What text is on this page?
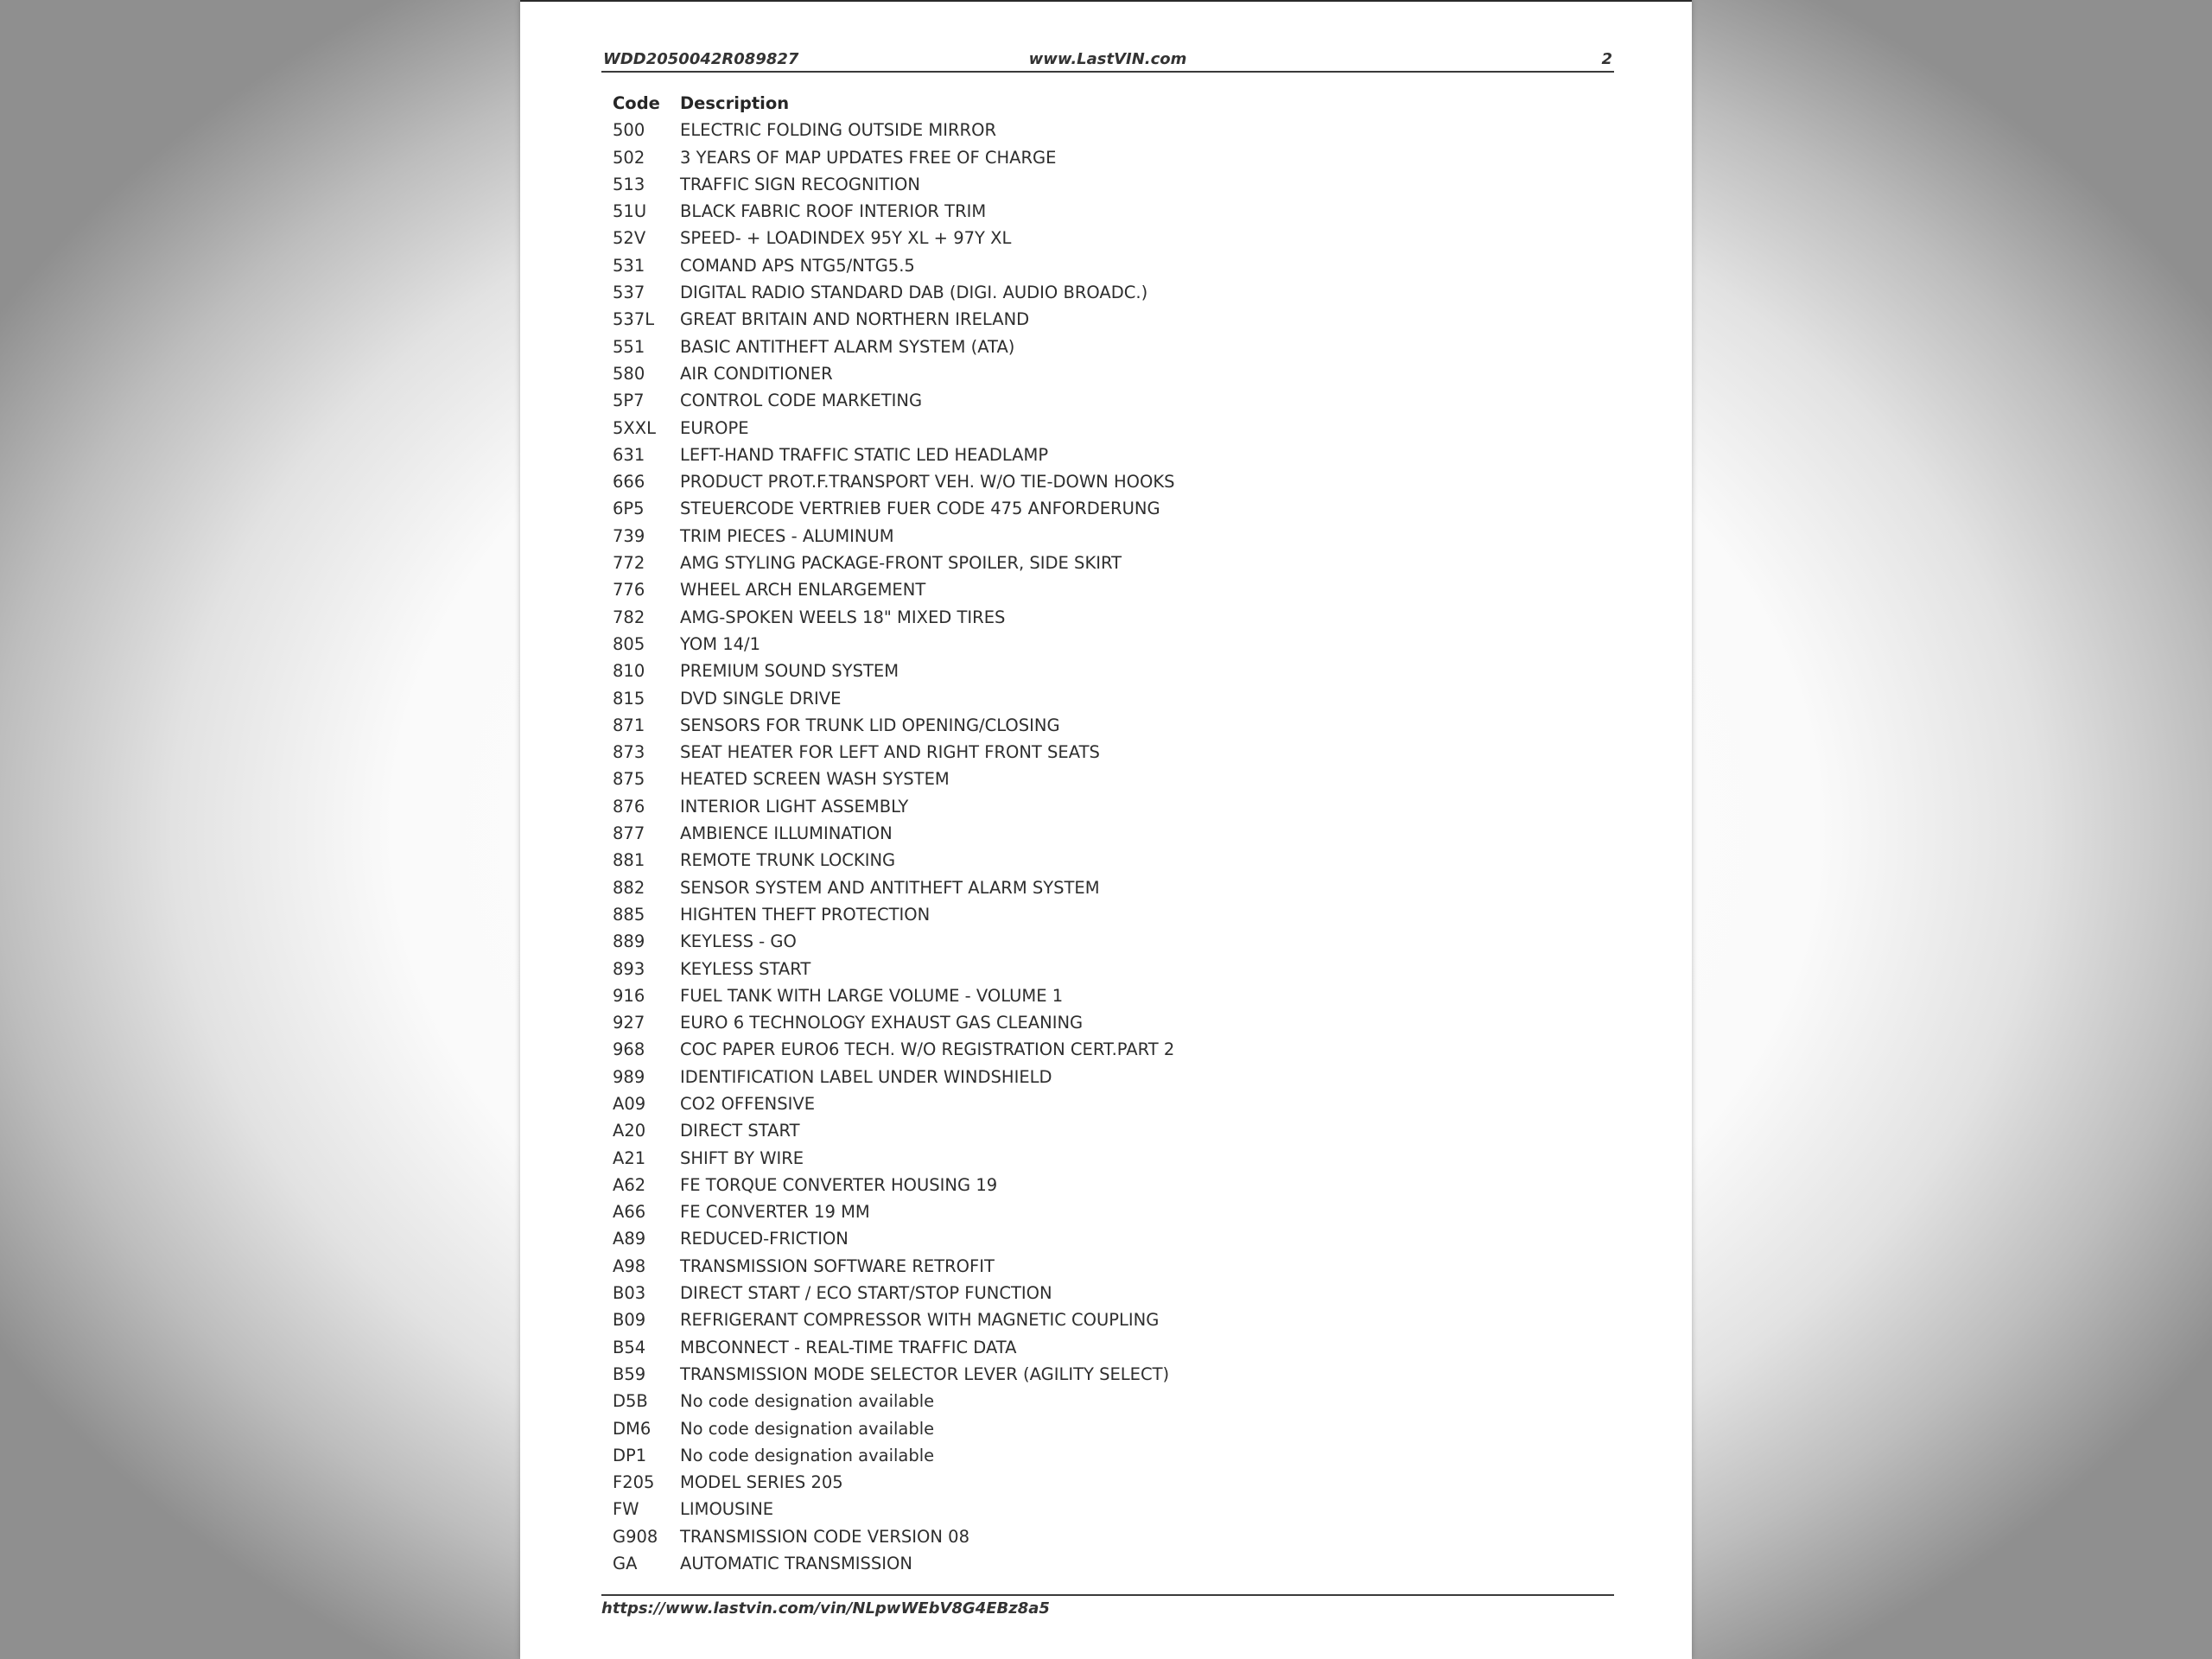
WDD2050042R089827	www.LastVIN.com	2
Code	Description
500	ELECTRIC FOLDING OUTSIDE MIRROR
502	3 YEARS OF MAP UPDATES FREE OF CHARGE
513	TRAFFIC SIGN RECOGNITION
51U	BLACK FABRIC ROOF INTERIOR TRIM
52V	SPEED- + LOADINDEX 95Y XL + 97Y XL
531	COMAND APS NTG5/NTG5.5
537	DIGITAL RADIO STANDARD DAB (DIGI. AUDIO BROADC.)
537L	GREAT BRITAIN AND NORTHERN IRELAND
551	BASIC ANTITHEFT ALARM SYSTEM (ATA)
580	AIR CONDITIONER
5P7	CONTROL CODE MARKETING
5XXL	EUROPE
631	LEFT-HAND TRAFFIC STATIC LED HEADLAMP
666	PRODUCT PROT.F.TRANSPORT VEH. W/O TIE-DOWN HOOKS
6P5	STEUERCODE VERTRIEB FUER CODE 475 ANFORDERUNG
739	TRIM PIECES - ALUMINUM
772	AMG STYLING PACKAGE-FRONT SPOILER, SIDE SKIRT
776	WHEEL ARCH ENLARGEMENT
782	AMG-SPOKEN WEELS 18" MIXED TIRES
805	YOM 14/1
810	PREMIUM SOUND SYSTEM
815	DVD SINGLE DRIVE
871	SENSORS FOR TRUNK LID OPENING/CLOSING
873	SEAT HEATER FOR LEFT AND RIGHT FRONT SEATS
875	HEATED SCREEN WASH SYSTEM
876	INTERIOR LIGHT ASSEMBLY
877	AMBIENCE ILLUMINATION
881	REMOTE TRUNK LOCKING
882	SENSOR SYSTEM AND ANTITHEFT ALARM SYSTEM
885	HIGHTEN THEFT PROTECTION
889	KEYLESS - GO
893	KEYLESS START
916	FUEL TANK WITH LARGE VOLUME - VOLUME 1
927	EURO 6 TECHNOLOGY EXHAUST GAS CLEANING
968	COC PAPER EURO6 TECH. W/O REGISTRATION CERT.PART 2
989	IDENTIFICATION LABEL UNDER WINDSHIELD
A09	CO2 OFFENSIVE
A20	DIRECT START
A21	SHIFT BY WIRE
A62	FE TORQUE CONVERTER HOUSING 19
A66	FE CONVERTER 19 MM
A89	REDUCED-FRICTION
A98	TRANSMISSION SOFTWARE RETROFIT
B03	DIRECT START / ECO START/STOP FUNCTION
B09	REFRIGERANT COMPRESSOR WITH MAGNETIC COUPLING
B54	MBCONNECT - REAL-TIME TRAFFIC DATA
B59	TRANSMISSION MODE SELECTOR LEVER (AGILITY SELECT)
D5B	No code designation available
DM6	No code designation available
DP1	No code designation available
F205	MODEL SERIES 205
FW	LIMOUSINE
G908	TRANSMISSION CODE VERSION 08
GA	AUTOMATIC TRANSMISSION
https://www.lastvin.com/vin/NLpwWEbV8G4EBz8a5
